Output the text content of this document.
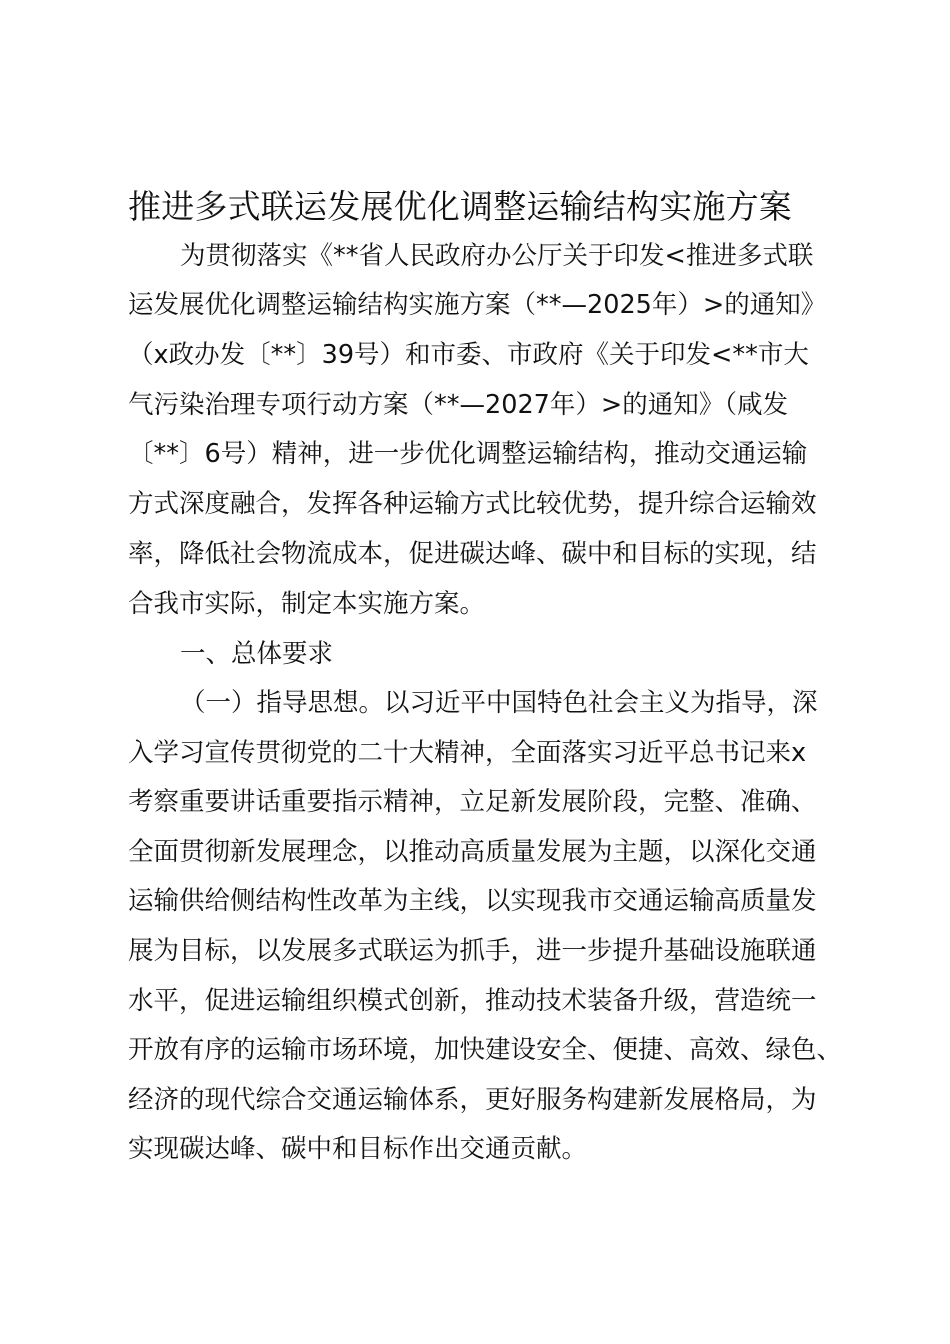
推进多式联运发展优化调整运输结构实施方案

为贯彻落实《**省人民政府办公厅关于印发<推进多式联

运发展优化调整运输结构实施方案（**—2025年）>的通知》

（x政办发〔**〕39号）和市委、市政府《关于印发<**市大

气污染治理专项行动方案（**—2027年）>的通知》（咸发

〔**〕6号）精神，进一步优化调整运输结构，推动交通运输

方式深度融合，发挥各种运输方式比较优势，提升综合运输效

率，降低社会物流成本，促进碳达峰、碳中和目标的实现，结

合我市实际，制定本实施方案。

一、总体要求

（一）指导思想。以习近平中国特色社会主义为指导，深

入学习宣传贯彻党的二十大精神，全面落实习近平总书记来x

考察重要讲话重要指示精神，立足新发展阶段，完整、准确、

全面贯彻新发展理念，以推动高质量发展为主题，以深化交通

运输供给侧结构性改革为主线，以实现我市交通运输高质量发

展为目标，以发展多式联运为抓手，进一步提升基础设施联通

水平，促进运输组织模式创新，推动技术装备升级，营造统一

开放有序的运输市场环境，加快建设安全、便捷、高效、绿色、

经济的现代综合交通运输体系，更好服务构建新发展格局，为

实现碳达峰、碳中和目标作出交通贡献。
